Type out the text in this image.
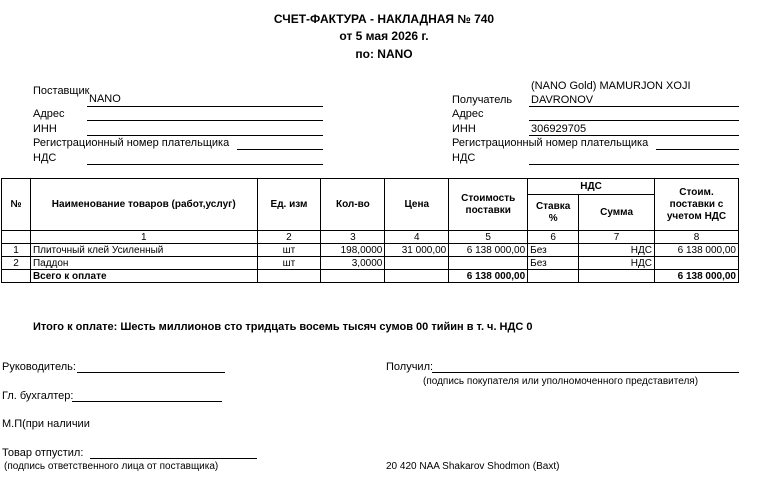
СЧЕТ-ФАКТУРА - НАКЛАДНАЯ № 740
от 5 мая 2026 г.
по: NANO
Поставщик
NANO
Адрес
ИНН
Регистрационный номер плательщика
НДС
(NANO Gold) MAMURJON XOJI
Получатель DAVRONOV
Адрес
ИНН	306929705
Регистрационный номер плательщика
НДС
№	Наименование товаров (работ,услуг)	Ед. изм	Кол-во	Цена	Стоимость поставки	НДС		Стоим. поставки с учетом НДС
						Ставка %	Сумма	
	1	2	3	4	5	6	7	8
1	Плиточный клей Усиленный	шт	198,0000	31 000,00	6 138 000,00	Без	НДС	6 138 000,00
2	Паддон	шт	3,0000			Без	НДС	
	Всего к оплате				6 138 000,00			6 138 000,00
Итого к оплате: Шесть миллионов сто тридцать восемь тысяч сумов 00 тийин в т. ч. НДС 0
Руководитель:	Получил:
(подпись покупателя или уполномоченного представителя)
Гл. бухгалтер:
М.П(при наличии
Товар отпустил:
(подпись ответственного лица от поставщика)	20 420 NAA Shakarov Shodmon (Baxt)
